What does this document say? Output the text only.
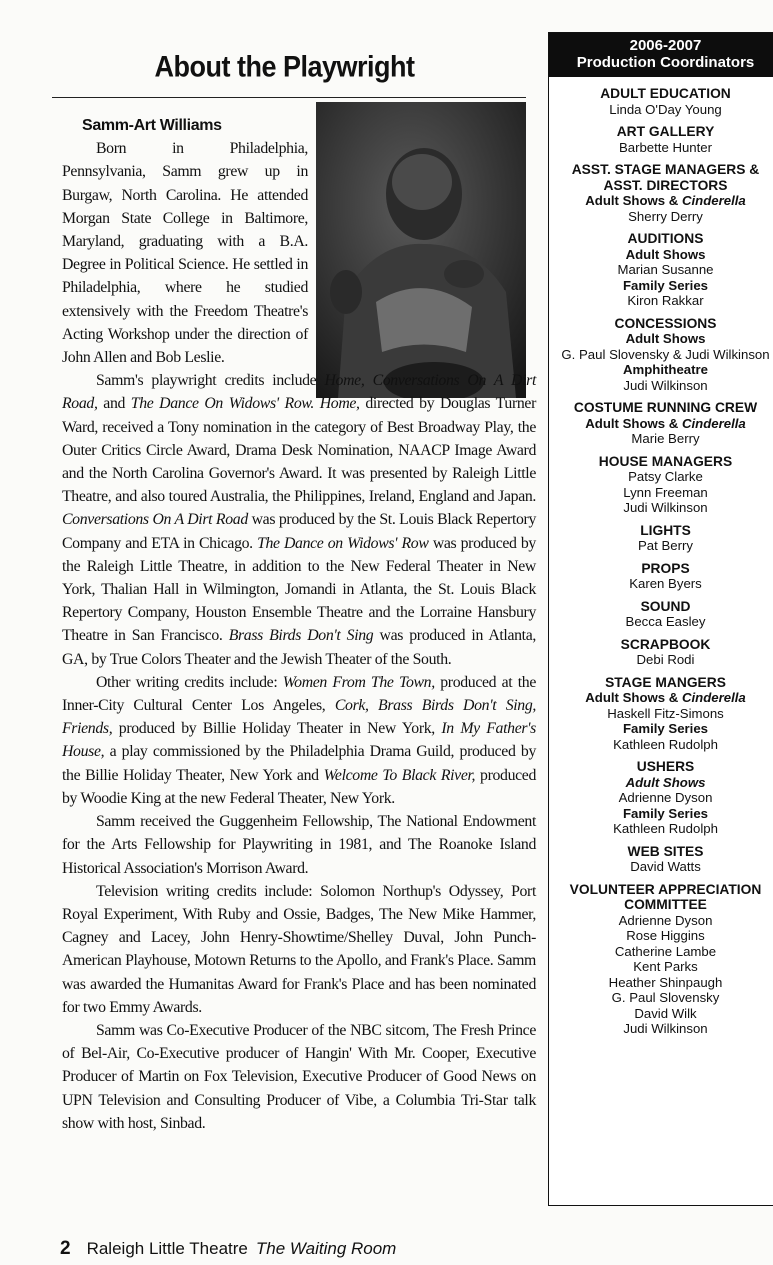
About the Playwright
Samm-Art Williams

Born in Philadelphia, Pennsylvania, Samm grew up in Burgaw, North Carolina. He attended Morgan State College in Baltimore, Maryland, graduating with a B.A. Degree in Political Science. He settled in Philadelphia, where he studied extensively with the Freedom Theatre's Acting Workshop under the direction of John Allen and Bob Leslie.

Samm's playwright credits include Home, Conversations On A Dirt Road, and The Dance On Widows' Row. Home, directed by Douglas Turner Ward, received a Tony nomination in the category of Best Broadway Play, the Outer Critics Circle Award, Drama Desk Nomination, NAACP Image Award and the North Carolina Governor's Award. It was presented by Raleigh Little Theatre, and also toured Australia, the Philippines, Ireland, England and Japan. Conversations On A Dirt Road was produced by the St. Louis Black Repertory Company and ETA in Chicago. The Dance on Widows' Row was produced by the Raleigh Little Theatre, in addition to the New Federal Theater in New York, Thalian Hall in Wilmington, Jomandi in Atlanta, the St. Louis Black Repertory Company, Houston Ensemble Theatre and the Lorraine Hansbury Theatre in San Francisco. Brass Birds Don't Sing was produced in Atlanta, GA, by True Colors Theater and the Jewish Theater of the South.

Other writing credits include: Women From The Town, produced at the Inner-City Cultural Center Los Angeles, Cork, Brass Birds Don't Sing, Friends, produced by Billie Holiday Theater in New York, In My Father's House, a play commissioned by the Philadelphia Drama Guild, produced by the Billie Holiday Theater, New York and Welcome To Black River, produced by Woodie King at the new Federal Theater, New York.

Samm received the Guggenheim Fellowship, The National Endowment for the Arts Fellowship for Playwriting in 1981, and The Roanoke Island Historical Association's Morrison Award.

Television writing credits include: Solomon Northup's Odyssey, Port Royal Experiment, With Ruby and Ossie, Badges, The New Mike Hammer, Cagney and Lacey, John Henry-Showtime/Shelley Duval, John Punch-American Playhouse, Motown Returns to the Apollo, and Frank's Place. Samm was awarded the Humanitas Award for Frank's Place and has been nominated for two Emmy Awards.

Samm was Co-Executive Producer of the NBC sitcom, The Fresh Prince of Bel-Air, Co-Executive producer of Hangin' With Mr. Cooper, Executive Producer of Martin on Fox Television, Executive Producer of Good News on UPN Television and Consulting Producer of Vibe, a Columbia Tri-Star talk show with host, Sinbad.

2 Raleigh Little Theatre The Waiting Room
2006-2007
Production Coordinators
ADULT EDUCATION
Linda O'Day Young
ART GALLERY
Barbette Hunter
ASST. STAGE MANAGERS &
ASST. DIRECTORS
Adult Shows & Cinderella
Sherry Derry
AUDITIONS
Adult Shows
Marian Susanne
Family Series
Kiron Rakkar
CONCESSIONS
Adult Shows
G. Paul Slovensky & Judi Wilkinson
Amphitheatre
Judi Wilkinson
COSTUME RUNNING CREW
Adult Shows & Cinderella
Marie Berry
HOUSE MANAGERS
Patsy Clarke
Lynn Freeman
Judi Wilkinson
LIGHTS
Pat Berry
PROPS
Karen Byers
SOUND
Becca Easley
SCRAPBOOK
Debi Rodi
STAGE MANGERS
Adult Shows & Cinderella
Haskell Fitz-Simons
Family Series
Kathleen Rudolph
USHERS
Adult Shows
Adrienne Dyson
Family Series
Kathleen Rudolph
WEB SITES
David Watts
VOLUNTEER APPRECIATION
COMMITTEE
Adrienne Dyson
Rose Higgins
Catherine Lambe
Kent Parks
Heather Shinpaugh
G. Paul Slovensky
David Wilk
Judi Wilkinson
